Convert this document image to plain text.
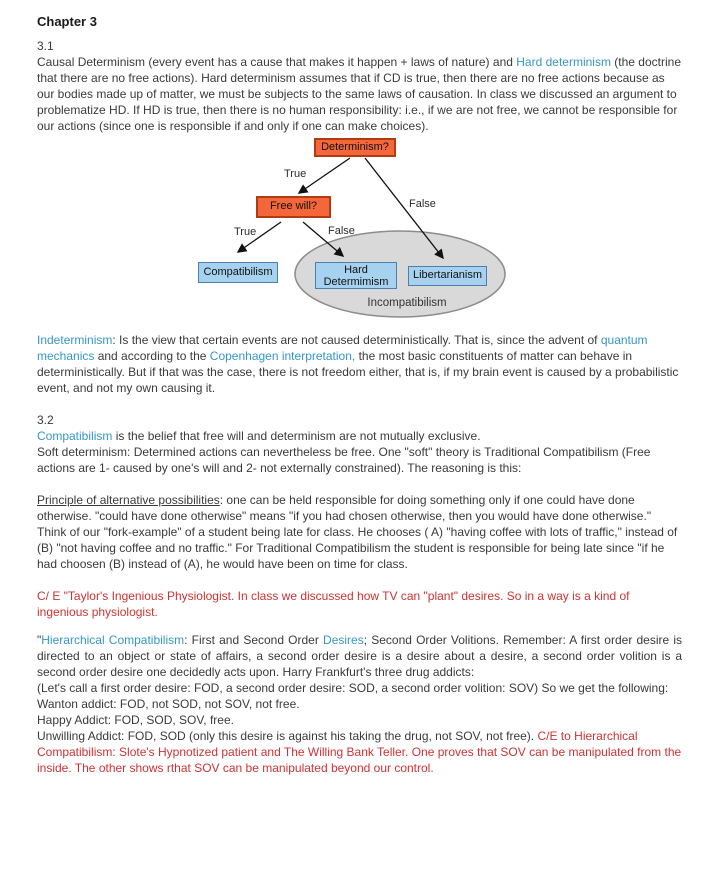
Chapter 3
3.1

Causal Determinism (every event has a cause that makes it happen + laws of nature) and Hard determinism (the doctrine that there are no free actions). Hard determinism assumes that if CD is true, then there are no free actions because as our bodies made up of matter, we must be subjects to the same laws of causation. In class we discussed an argument to problematize HD. If HD is true, then there is no human responsibility: i.e., if we are not free, we cannot be responsible for our actions (since one is responsible if and only if one can make choices).

Determinism?
Free will?
Compatibilism	Hard
Determimism
Libertarianism
Incompatibilism
True
False
True	False

Indeterminism: Is the view that certain events are not caused deterministically. That is, since the advent of quantum mechanics and according to the Copenhagen interpretation, the most basic constituents of matter can behave in deterministically. But if that was the case, there is not freedom either, that is, if my brain event is caused by a probabilistic event, and not my own causing it.

3.2

Compatibilism is the belief that free will and determinism are not mutually exclusive.

Soft determinism: Determined actions can nevertheless be free. One "soft" theory is Traditional Compatibilism (Free actions are 1- caused by one's will and 2- not externally constrained). The reasoning is this:

Principle of alternative possibilities: one can be held responsible for doing something only if one could have done otherwise. "could have done otherwise" means "if you had chosen otherwise, then you would have done otherwise." Think of our "fork-example" of a student being late for class. He chooses ( A) "having coffee with lots of traffic," instead of (B) "not having coffee and no traffic." For Traditional Compatibilism the student is responsible for being late since "if he had choosen (B) instead of (A), he would have been on time for class.

C/ E "Taylor's Ingenious Physiologist. In class we discussed how TV can "plant" desires. So in a way is a kind of ingenious physiologist.

"Hierarchical Compatibilism: First and Second Order Desires; Second Order Volitions. Remember: A first order desire is directed to an object or state of affairs, a second order desire is a desire about a desire, a second order volition is a second order desire one decidedly acts upon. Harry Frankfurt's three drug addicts:

(Let's call a first order desire: FOD, a second order desire: SOD, a second order volition: SOV) So we get the following:

Wanton addict: FOD, not SOD, not SOV, not free.

Happy Addict: FOD, SOD, SOV, free.

Unwilling Addict: FOD, SOD (only this desire is against his taking the drug, not SOV, not free). C/E to Hierarchical Compatibilism: Slote's Hypnotized patient and The Willing Bank Teller. One proves that SOV can be manipulated from the inside. The other shows rthat SOV can be manipulated beyond our control.
